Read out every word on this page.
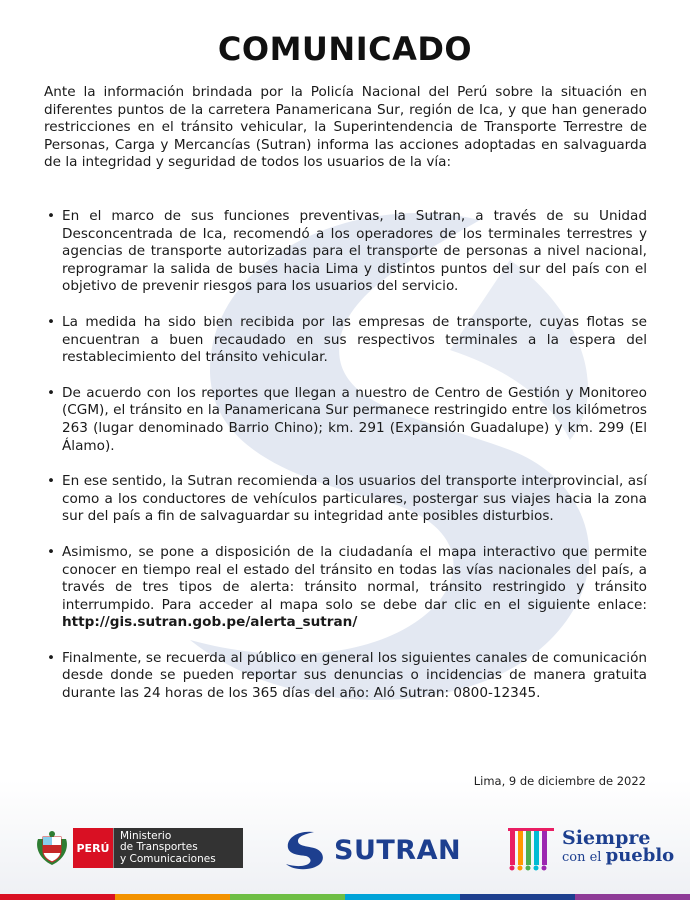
COMUNICADO

Ante la información brindada por la Policía Nacional del Perú sobre la situación en diferentes puntos de la carretera Panamericana Sur, región de Ica, y que han generado restricciones en el tránsito vehicular, la Superintendencia de Transporte Terrestre de Personas, Carga y Mercancías (Sutran) informa las acciones adoptadas en salvaguarda de la integridad y seguridad de todos los usuarios de la vía:

• En el marco de sus funciones preventivas, la Sutran, a través de su Unidad Desconcentrada de Ica, recomendó a los operadores de los terminales terrestres y agencias de transporte autorizadas para el transporte de personas a nivel nacional, reprogramar la salida de buses hacia Lima y distintos puntos del sur del país con el objetivo de prevenir riesgos para los usuarios del servicio.
• La medida ha sido bien recibida por las empresas de transporte, cuyas flotas se encuentran a buen recaudado en sus respectivos terminales a la espera del restablecimiento del tránsito vehicular.
• De acuerdo con los reportes que llegan a nuestro de Centro de Gestión y Monitoreo (CGM), el tránsito en la Panamericana Sur permanece restringido entre los kilómetros 263 (lugar denominado Barrio Chino); km. 291 (Expansión Guadalupe) y km. 299 (El Álamo).
• En ese sentido, la Sutran recomienda a los usuarios del transporte interprovincial, así como a los conductores de vehículos particulares, postergar sus viajes hacia la zona sur del país a fin de salvaguardar su integridad ante posibles disturbios.
• Asimismo, se pone a disposición de la ciudadanía el mapa interactivo que permite conocer en tiempo real el estado del tránsito en todas las vías nacionales del país, a través de tres tipos de alerta: tránsito normal, tránsito restringido y tránsito interrumpido. Para acceder al mapa solo se debe dar clic en el siguiente enlace: http://gis.sutran.gob.pe/alerta_sutran/
• Finalmente, se recuerda al público en general los siguientes canales de comunicación desde donde se pueden reportar sus denuncias o incidencias de manera gratuita durante las 24 horas de los 365 días del año: Aló Sutran: 0800-12345.
Lima, 9 de diciembre de 2022
PERÚ
Ministerio
de Transportes
y Comunicaciones	SUTRAN	Siempre
con el pueblo
